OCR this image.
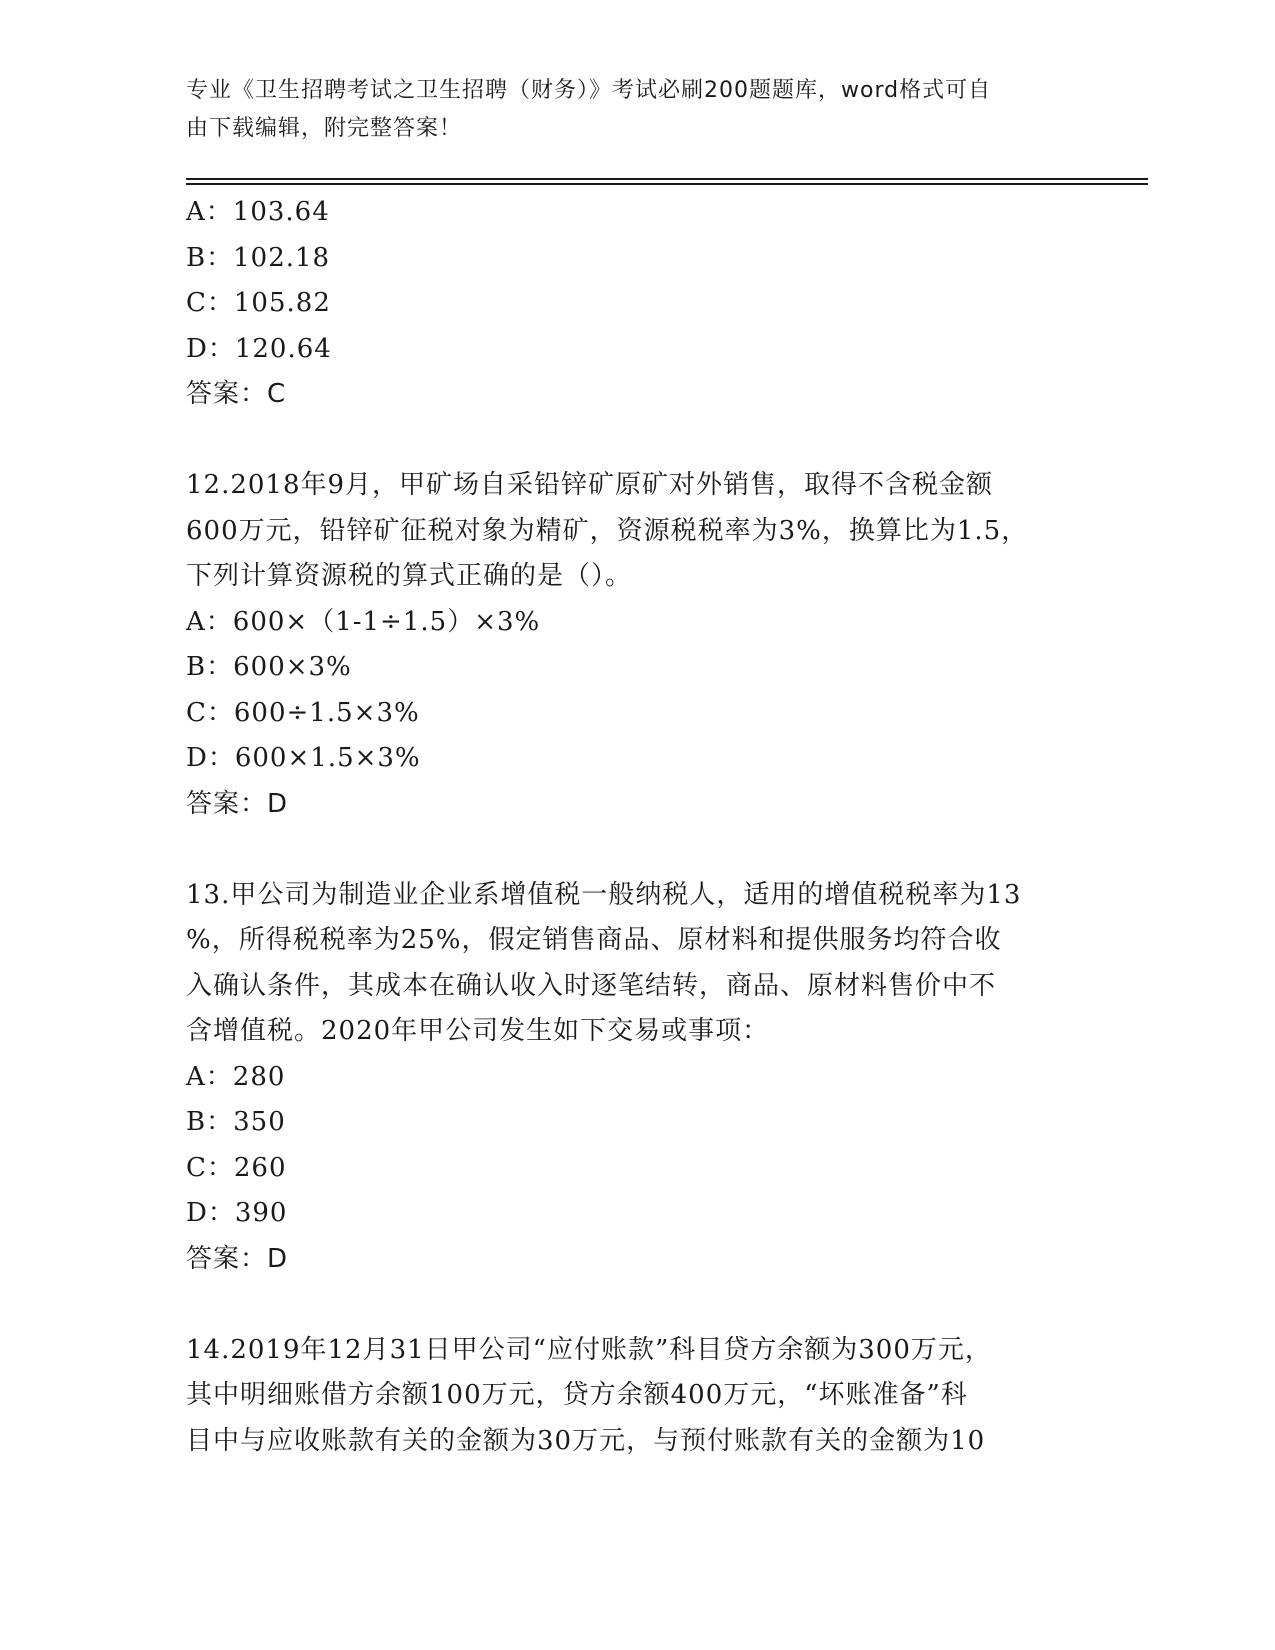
专业《卫生招聘考试之卫生招聘（财务）》考试必刷200题题库，word格式可自
由下载编辑，附完整答案！
A：103.64
B：102.18
C：105.82
D：120.64
答案：C
12.2018年9月，甲矿场自采铅锌矿原矿对外销售，取得不含税金额
600万元，铅锌矿征税对象为精矿，资源税税率为3%，换算比为1.5，
下列计算资源税的算式正确的是（）。
A：600×（1-1÷1.5）×3%
B：600×3%
C：600÷1.5×3%
D：600×1.5×3%
答案：D
13.甲公司为制造业企业系增值税一般纳税人，适用的增值税税率为13
%，所得税税率为25%，假定销售商品、原材料和提供服务均符合收
入确认条件，其成本在确认收入时逐笔结转，商品、原材料售价中不
含增值税。2020年甲公司发生如下交易或事项：
A：280
B：350
C：260
D：390
答案：D
14.2019年12月31日甲公司“应付账款”科目贷方余额为300万元，
其中明细账借方余额100万元，贷方余额400万元，“坏账准备”科
目中与应收账款有关的金额为30万元，与预付账款有关的金额为10
